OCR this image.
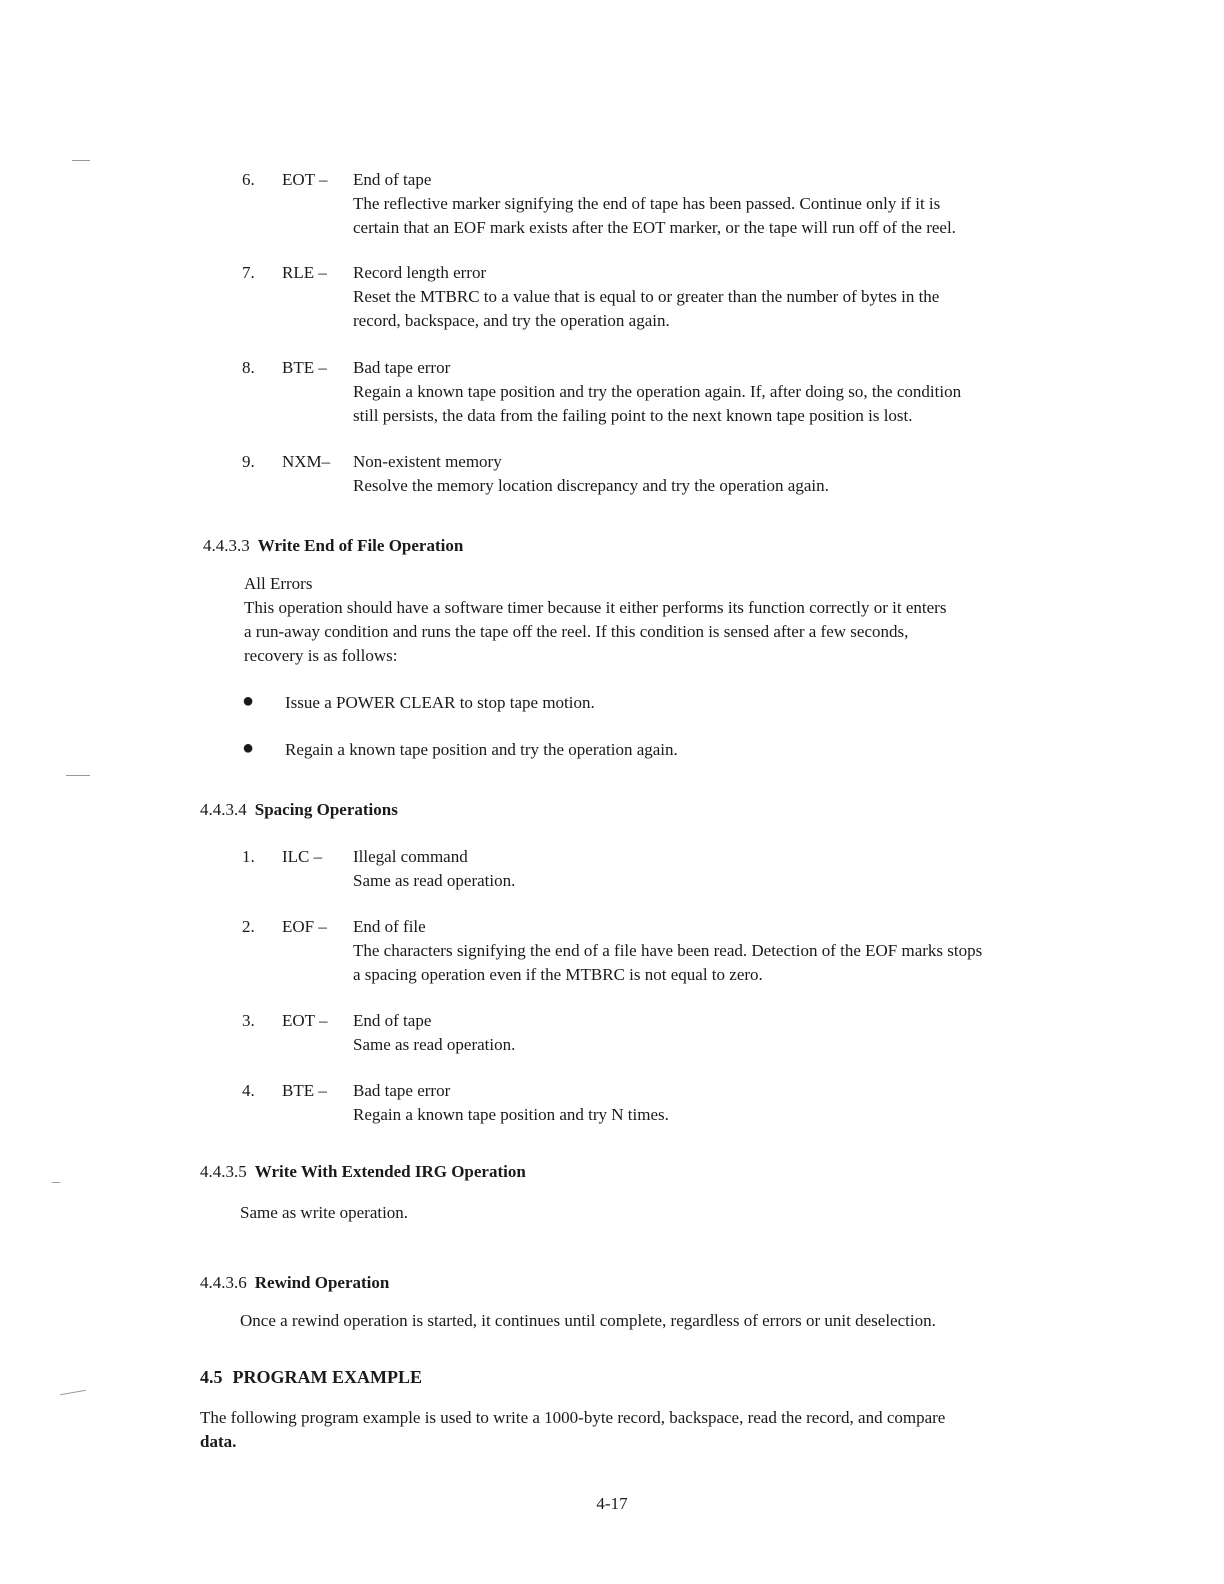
6. EOT – End of tape
The reflective marker signifying the end of tape has been passed. Continue only if it is
certain that an EOF mark exists after the EOT marker, or the tape will run off of the reel.
7. RLE – Record length error
Reset the MTBRC to a value that is equal to or greater than the number of bytes in the
record, backspace, and try the operation again.
8. BTE – Bad tape error
Regain a known tape position and try the operation again. If, after doing so, the condition
still persists, the data from the failing point to the next known tape position is lost.
9. NXM– Non-existent memory
Resolve the memory location discrepancy and try the operation again.
4.4.3.3 Write End of File Operation
All Errors
This operation should have a software timer because it either performs its function correctly or it enters
a run-away condition and runs the tape off the reel. If this condition is sensed after a few seconds,
recovery is as follows:
● Issue a POWER CLEAR to stop tape motion.
● Regain a known tape position and try the operation again.
4.4.3.4 Spacing Operations
1. ILC – Illegal command
Same as read operation.
2. EOF – End of file
The characters signifying the end of a file have been read. Detection of the EOF marks stops
a spacing operation even if the MTBRC is not equal to zero.
3. EOT – End of tape
Same as read operation.
4. BTE – Bad tape error
Regain a known tape position and try N times.
4.4.3.5 Write With Extended IRG Operation
Same as write operation.
4.4.3.6 Rewind Operation
Once a rewind operation is started, it continues until complete, regardless of errors or unit deselection.
4.5 PROGRAM EXAMPLE
The following program example is used to write a 1000-byte record, backspace, read the record, and compare
data.
4-17
